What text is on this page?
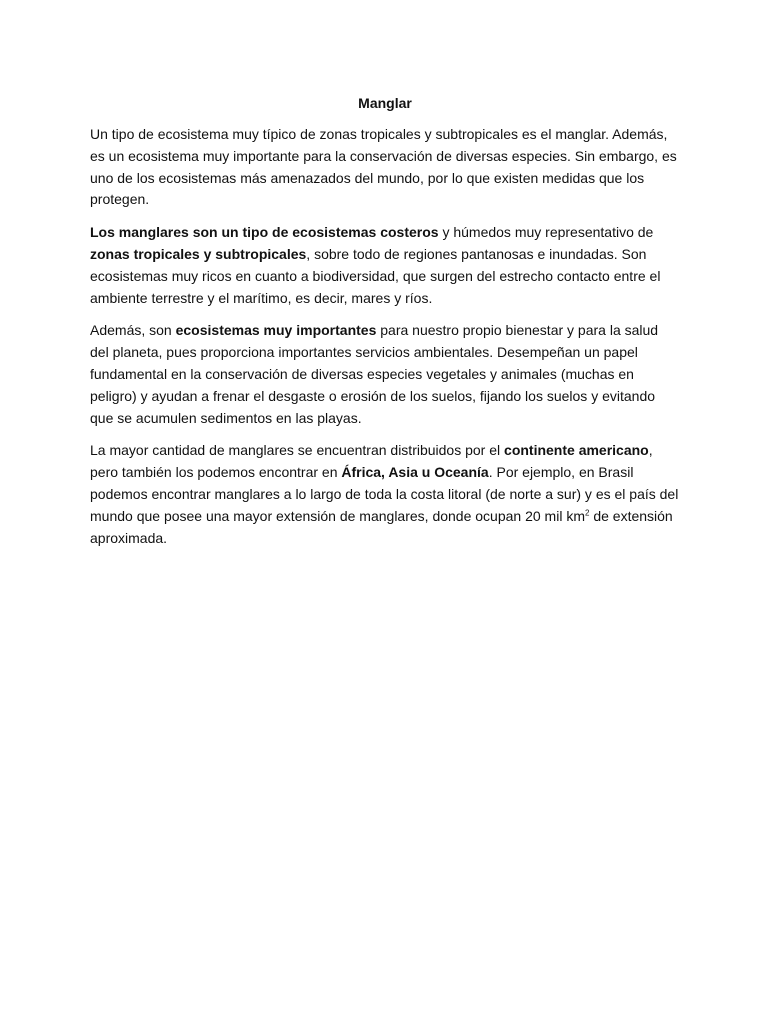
Manglar

Un tipo de ecosistema muy típico de zonas tropicales y subtropicales es el manglar. Además, es un ecosistema muy importante para la conservación de diversas especies. Sin embargo, es uno de los ecosistemas más amenazados del mundo, por lo que existen medidas que los protegen.

Los manglares son un tipo de ecosistemas costeros y húmedos muy representativo de zonas tropicales y subtropicales, sobre todo de regiones pantanosas e inundadas. Son ecosistemas muy ricos en cuanto a biodiversidad, que surgen del estrecho contacto entre el ambiente terrestre y el marítimo, es decir, mares y ríos.

Además, son ecosistemas muy importantes para nuestro propio bienestar y para la salud del planeta, pues proporciona importantes servicios ambientales. Desempeñan un papel fundamental en la conservación de diversas especies vegetales y animales (muchas en peligro) y ayudan a frenar el desgaste o erosión de los suelos, fijando los suelos y evitando que se acumulen sedimentos en las playas.

La mayor cantidad de manglares se encuentran distribuidos por el continente americano, pero también los podemos encontrar en África, Asia u Oceanía. Por ejemplo, en Brasil podemos encontrar manglares a lo largo de toda la costa litoral (de norte a sur) y es el país del mundo que posee una mayor extensión de manglares, donde ocupan 20 mil $km^2$ de extensión aproximada.
